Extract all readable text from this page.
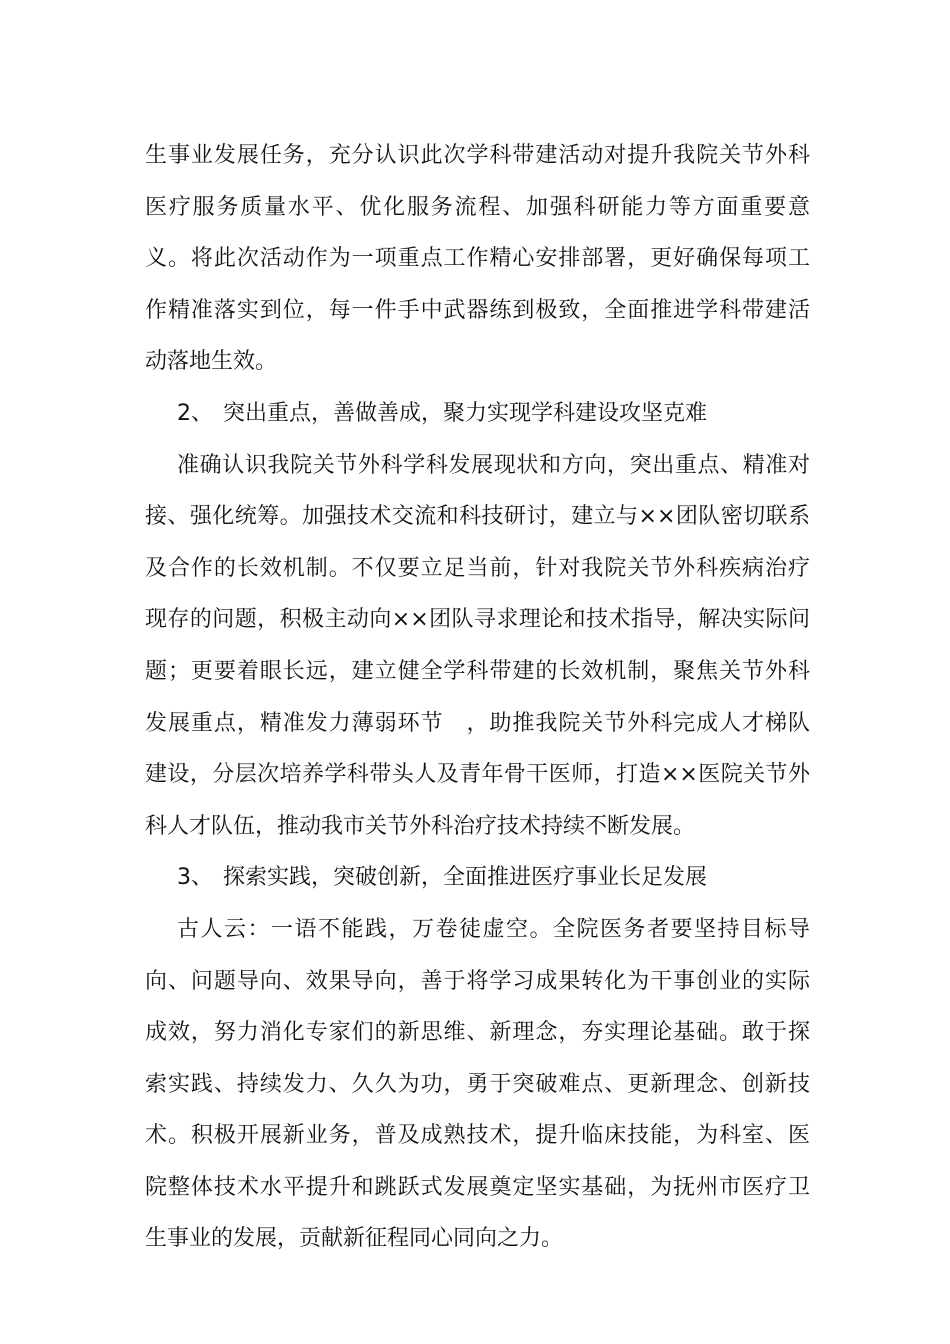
生事业发展任务，充分认识此次学科带建活动对提升我院关节外科
医疗服务质量水平、优化服务流程、加强科研能力等方面重要意
义。将此次活动作为一项重点工作精心安排部署，更好确保每项工
作精准落实到位，每一件手中武器练到极致，全面推进学科带建活
动落地生效。
2、 突出重点，善做善成，聚力实现学科建设攻坚克难
准确认识我院关节外科学科发展现状和方向，突出重点、精准对
接、强化统筹。加强技术交流和科技研讨，建立与××团队密切联系
及合作的长效机制。不仅要立足当前，针对我院关节外科疾病治疗
现存的问题，积极主动向××团队寻求理论和技术指导，解决实际问
题；更要着眼长远，建立健全学科带建的长效机制，聚焦关节外科
发展重点，精准发力薄弱环节　，助推我院关节外科完成人才梯队
建设，分层次培养学科带头人及青年骨干医师，打造××医院关节外
科人才队伍，推动我市关节外科治疗技术持续不断发展。
3、 探索实践，突破创新，全面推进医疗事业长足发展
古人云：一语不能践，万卷徒虚空。全院医务者要坚持目标导
向、问题导向、效果导向，善于将学习成果转化为干事创业的实际
成效，努力消化专家们的新思维、新理念，夯实理论基础。敢于探
索实践、持续发力、久久为功，勇于突破难点、更新理念、创新技
术。积极开展新业务，普及成熟技术，提升临床技能，为科室、医
院整体技术水平提升和跳跃式发展奠定坚实基础，为抚州市医疗卫
生事业的发展，贡献新征程同心同向之力。
